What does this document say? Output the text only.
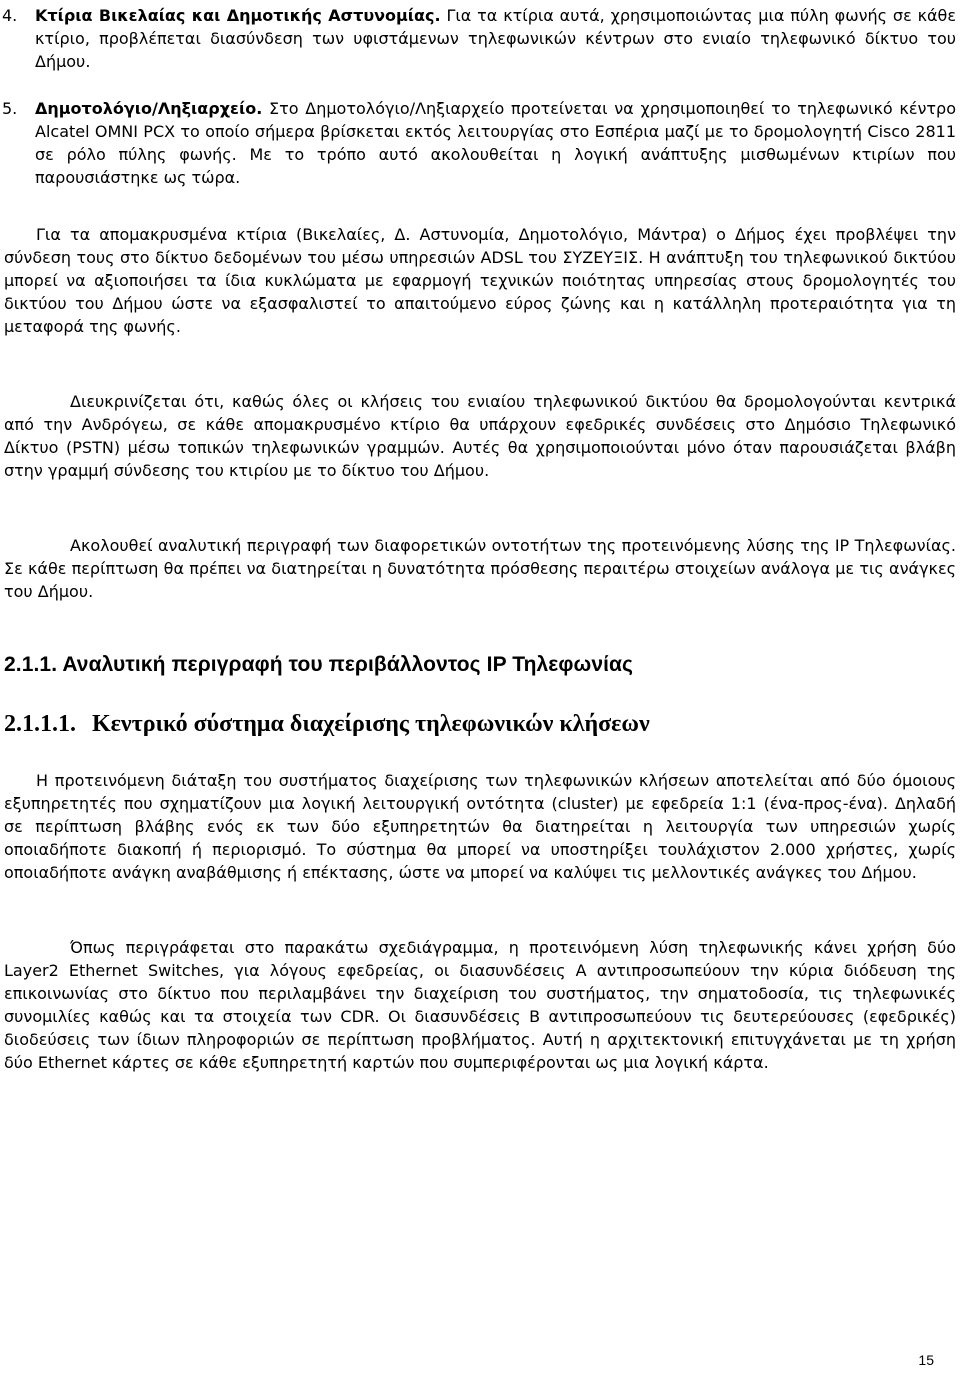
4.	Κτίρια Βικελαίας και Δημοτικής Αστυνομίας. Για τα κτίρια αυτά, χρησιμοποιώντας μια πύλη φωνής σε κάθε κτίριο, προβλέπεται διασύνδεση των υφιστάμενων τηλεφωνικών κέντρων στο ενιαίο τηλεφωνικό δίκτυο του Δήμου.
5.	Δημοτολόγιο/Ληξιαρχείο. Στο Δημοτολόγιο/Ληξιαρχείο προτείνεται να χρησιμοποιηθεί το τηλεφωνικό κέντρο Alcatel OMNI PCX το οποίο σήμερα βρίσκεται εκτός λειτουργίας στο Εσπέρια μαζί με το δρομολογητή Cisco 2811 σε ρόλο πύλης φωνής. Με το τρόπο αυτό ακολουθείται η λογική ανάπτυξης μισθωμένων κτιρίων που παρουσιάστηκε ως τώρα.

Για τα απομακρυσμένα κτίρια (Βικελαίες, Δ. Αστυνομία, Δημοτολόγιο, Μάντρα) ο Δήμος έχει προβλέψει την σύνδεση τους στο δίκτυο δεδομένων του μέσω υπηρεσιών ADSL του ΣΥΖΕΥΞΙΣ. Η ανάπτυξη του τηλεφωνικού δικτύου μπορεί να αξιοποιήσει τα ίδια κυκλώματα με εφαρμογή τεχνικών ποιότητας υπηρεσίας στους δρομολογητές του δικτύου του Δήμου ώστε να εξασφαλιστεί το απαιτούμενο εύρος ζώνης και η κατάλληλη προτεραιότητα για τη μεταφορά της φωνής.

Διευκρινίζεται ότι, καθώς όλες οι κλήσεις του ενιαίου τηλεφωνικού δικτύου θα δρομολογούνται κεντρικά από την Ανδρόγεω, σε κάθε απομακρυσμένο κτίριο θα υπάρχουν εφεδρικές συνδέσεις στο Δημόσιο Τηλεφωνικό Δίκτυο (PSTN) μέσω τοπικών τηλεφωνικών γραμμών. Αυτές θα χρησιμοποιούνται μόνο όταν παρουσιάζεται βλάβη στην γραμμή σύνδεσης του κτιρίου με το δίκτυο του Δήμου.

Ακολουθεί αναλυτική περιγραφή των διαφορετικών οντοτήτων της προτεινόμενης λύσης της IP Τηλεφωνίας. Σε κάθε περίπτωση θα πρέπει να διατηρείται η δυνατότητα πρόσθεσης περαιτέρω στοιχείων ανάλογα με τις ανάγκες του Δήμου.

2.1.1. Αναλυτική περιγραφή του περιβάλλοντος IP Τηλεφωνίας
2.1.1.1. Κεντρικό σύστημα διαχείρισης τηλεφωνικών κλήσεων

Η προτεινόμενη διάταξη του συστήματος διαχείρισης των τηλεφωνικών κλήσεων αποτελείται από δύο όμοιους εξυπηρετητές που σχηματίζουν μια λογική λειτουργική οντότητα (cluster) με εφεδρεία 1:1 (ένα-προς-ένα). Δηλαδή σε περίπτωση βλάβης ενός εκ των δύο εξυπηρετητών θα διατηρείται η λειτουργία των υπηρεσιών χωρίς οποιαδήποτε διακοπή ή περιορισμό. Το σύστημα θα μπορεί να υποστηρίξει τουλάχιστον 2.000 χρήστες, χωρίς οποιαδήποτε ανάγκη αναβάθμισης ή επέκτασης, ώστε να μπορεί να καλύψει τις μελλοντικές ανάγκες του Δήμου.

Όπως περιγράφεται στο παρακάτω σχεδιάγραμμα, η προτεινόμενη λύση τηλεφωνικής κάνει χρήση δύο Layer2 Ethernet Switches, για λόγους εφεδρείας, οι διασυνδέσεις Α αντιπροσωπεύουν την κύρια διόδευση της επικοινωνίας στο δίκτυο που περιλαμβάνει την διαχείριση του συστήματος, την σηματοδοσία, τις τηλεφωνικές συνομιλίες καθώς και τα στοιχεία των CDR. Οι διασυνδέσεις Β αντιπροσωπεύουν τις δευτερεύουσες (εφεδρικές) διοδεύσεις των ίδιων πληροφοριών σε περίπτωση προβλήματος. Αυτή η αρχιτεκτονική επιτυγχάνεται με τη χρήση δύο Ethernet κάρτες σε κάθε εξυπηρετητή καρτών που συμπεριφέρονται ως μια λογική κάρτα.

15
